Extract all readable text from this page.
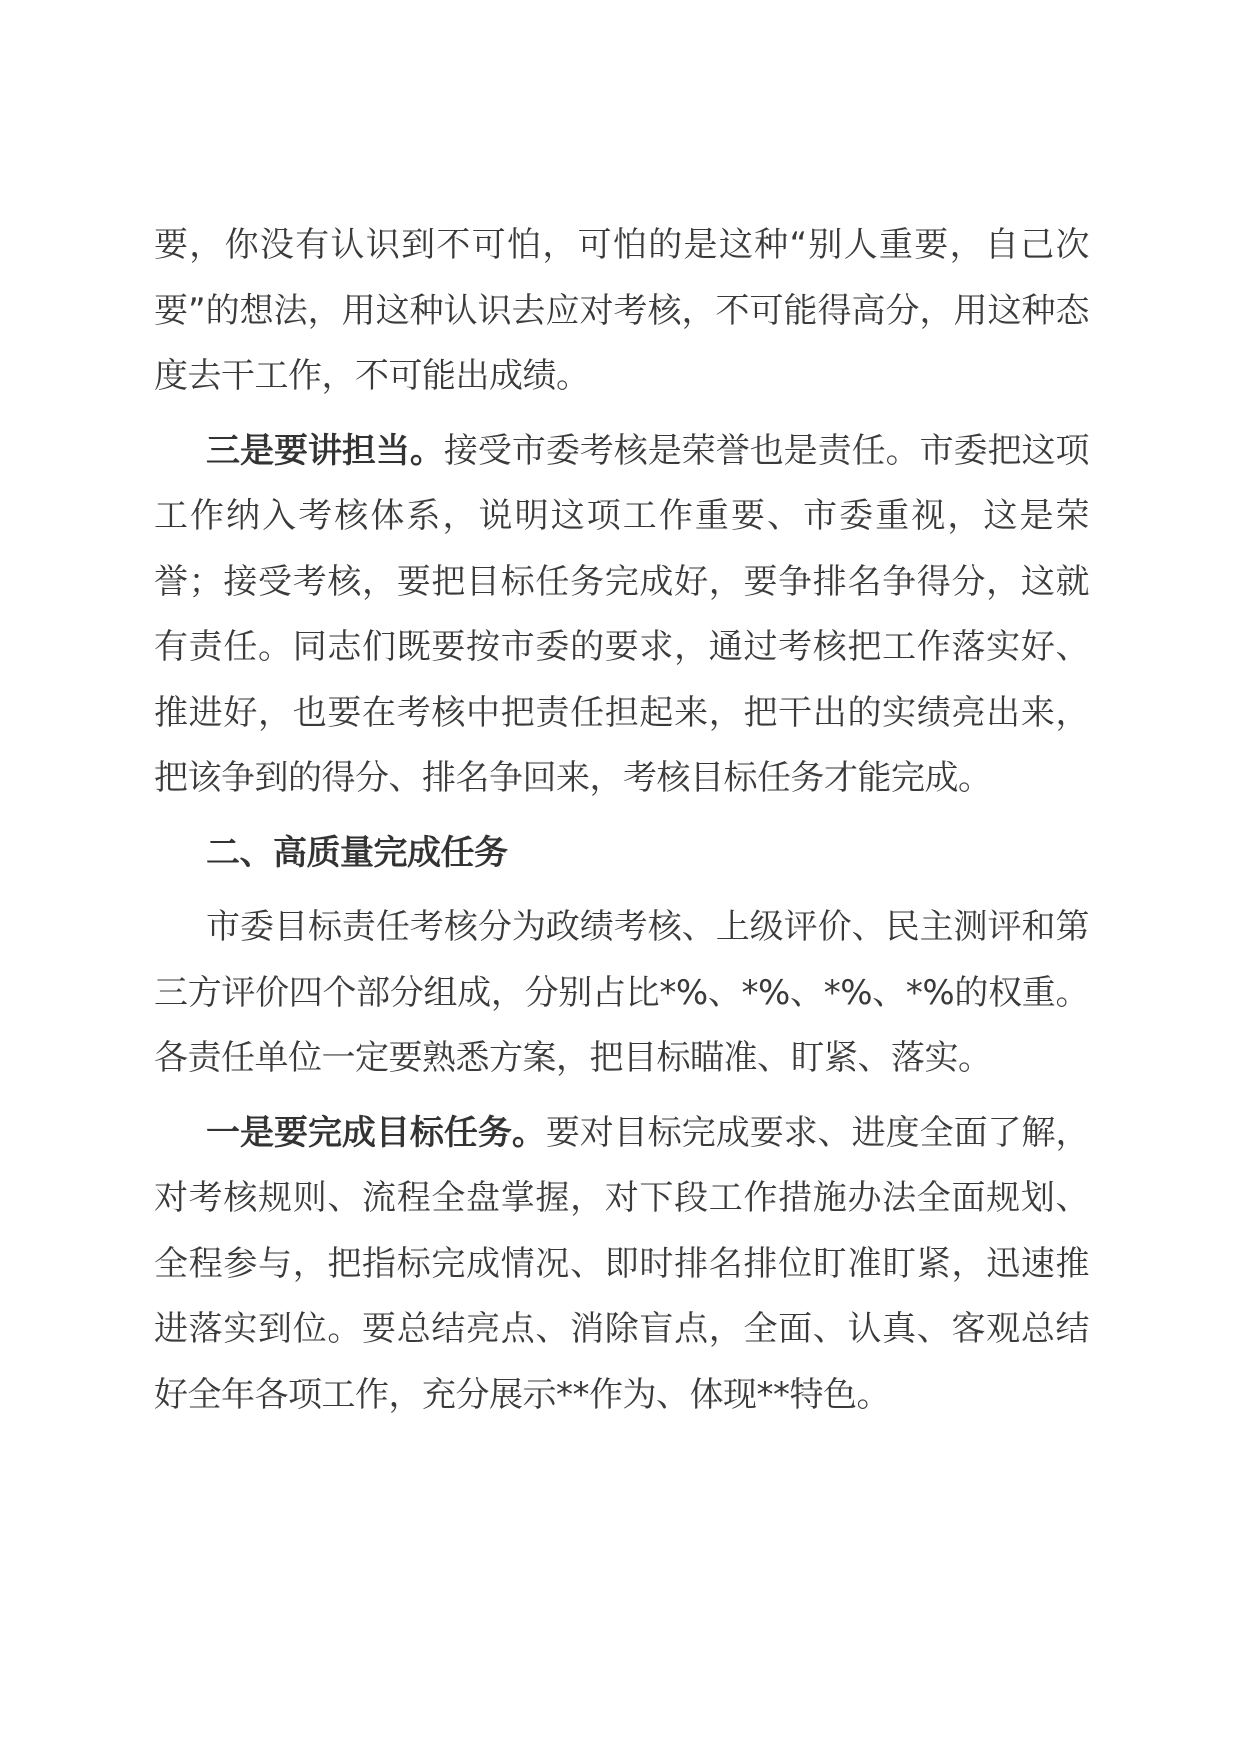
要，你没有认识到不可怕，可怕的是这种“别人重要，自己次要”的想法，用这种认识去应对考核，不可能得高分，用这种态度去干工作，不可能出成绩。

三是要讲担当。接受市委考核是荣誉也是责任。市委把这项工作纳入考核体系，说明这项工作重要、市委重视，这是荣誉；接受考核，要把目标任务完成好，要争排名争得分，这就有责任。同志们既要按市委的要求，通过考核把工作落实好、推进好，也要在考核中把责任担起来，把干出的实绩亮出来，把该争到的得分、排名争回来，考核目标任务才能完成。

二、高质量完成任务

市委目标责任考核分为政绩考核、上级评价、民主测评和第三方评价四个部分组成，分别占比*%、*%、*%、*%的权重。各责任单位一定要熟悉方案，把目标瞄准、盯紧、落实。

一是要完成目标任务。要对目标完成要求、进度全面了解，对考核规则、流程全盘掌握，对下段工作措施办法全面规划、全程参与，把指标完成情况、即时排名排位盯准盯紧，迅速推进落实到位。要总结亮点、消除盲点，全面、认真、客观总结好全年各项工作，充分展示**作为、体现**特色。
